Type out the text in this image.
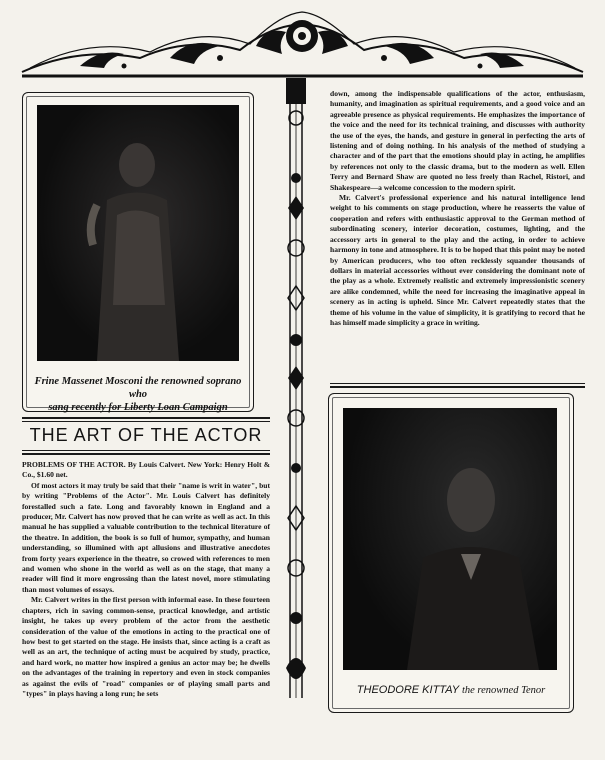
Frine Massenet Mosconi the renowned soprano who
sang recently for Liberty Loan Campaign
THE ART OF THE ACTOR

PROBLEMS OF THE ACTOR. By Louis Calvert. New York: Henry Holt & Co., $1.60 net.

Of most actors it may truly be said that their "name is writ in water", but by writing "Problems of the Actor". Mr. Louis Calvert has definitely forestalled such a fate. Long and favorably known in England and a producer, Mr. Calvert has now proved that he can write as well as act. In this manual he has supplied a valuable contribution to the technical literature of the theatre. In addition, the book is so full of humor, sympathy, and human understanding, so illumined with apt allusions and illustrative anecdotes from forty years experience in the theatre, so crowed with references to men and women who shone in the world as well as on the stage, that many a reader will find it more engrossing than the latest novel, more stimulating than most volumes of essays.

Mr. Calvert writes in the first person with informal ease. In these fourteen chapters, rich in saving common-sense, practical knowledge, and artistic insight, he takes up every problem of the actor from the aesthetic consideration of the value of the emotions in acting to the practical one of how best to get started on the stage. He insists that, since acting is a craft as well as an art, the technique of acting must be acquired by study, practice, and hard work, no matter how inspired a genius an actor may be; he dwells on the advantages of the training in repertory and even in stock companies as against the evils of "road" companies or of playing small parts and "types" in plays having a long run; he sets

down, among the indispensable qualifications of the actor, enthusiasm, humanity, and imagination as spiritual requirements, and a good voice and an agreeable presence as physical requirements. He emphasizes the importance of the voice and the need for its technical training, and discusses with authority the use of the eyes, the hands, and gesture in general in perfecting the arts of listening and of doing nothing. In his analysis of the method of studying a character and of the part that the emotions should play in acting, he amplifies by references not only to the classic drama, but to the modern as well. Ellen Terry and Bernard Shaw are quoted no less freely than Rachel, Ristori, and Shakespeare—a welcome concession to the modern spirit.

Mr. Calvert's professional experience and his natural intelligence lend weight to his comments on stage production, where he reasserts the value of cooperation and refers with enthusiastic approval to the German method of subordinating scenery, interior decoration, costumes, lighting, and the accessory arts in general to the play and the acting, in order to achieve harmony in tone and atmosphere. It is to be hoped that this point may be noted by American producers, who too often recklessly squander thousands of dollars in material accessories without ever considering the dominant note of the play as a whole. Extremely realistic and extremely impressionistic scenery are alike condemned, while the need for increasing the imaginative appeal in scenery as in acting is upheld. Since Mr. Calvert repeatedly states that the theme of his volume in the value of simplicity, it is gratifying to record that he has himself made simplicity a grace in writing.

THEODORE KITTAY the renowned Tenor
